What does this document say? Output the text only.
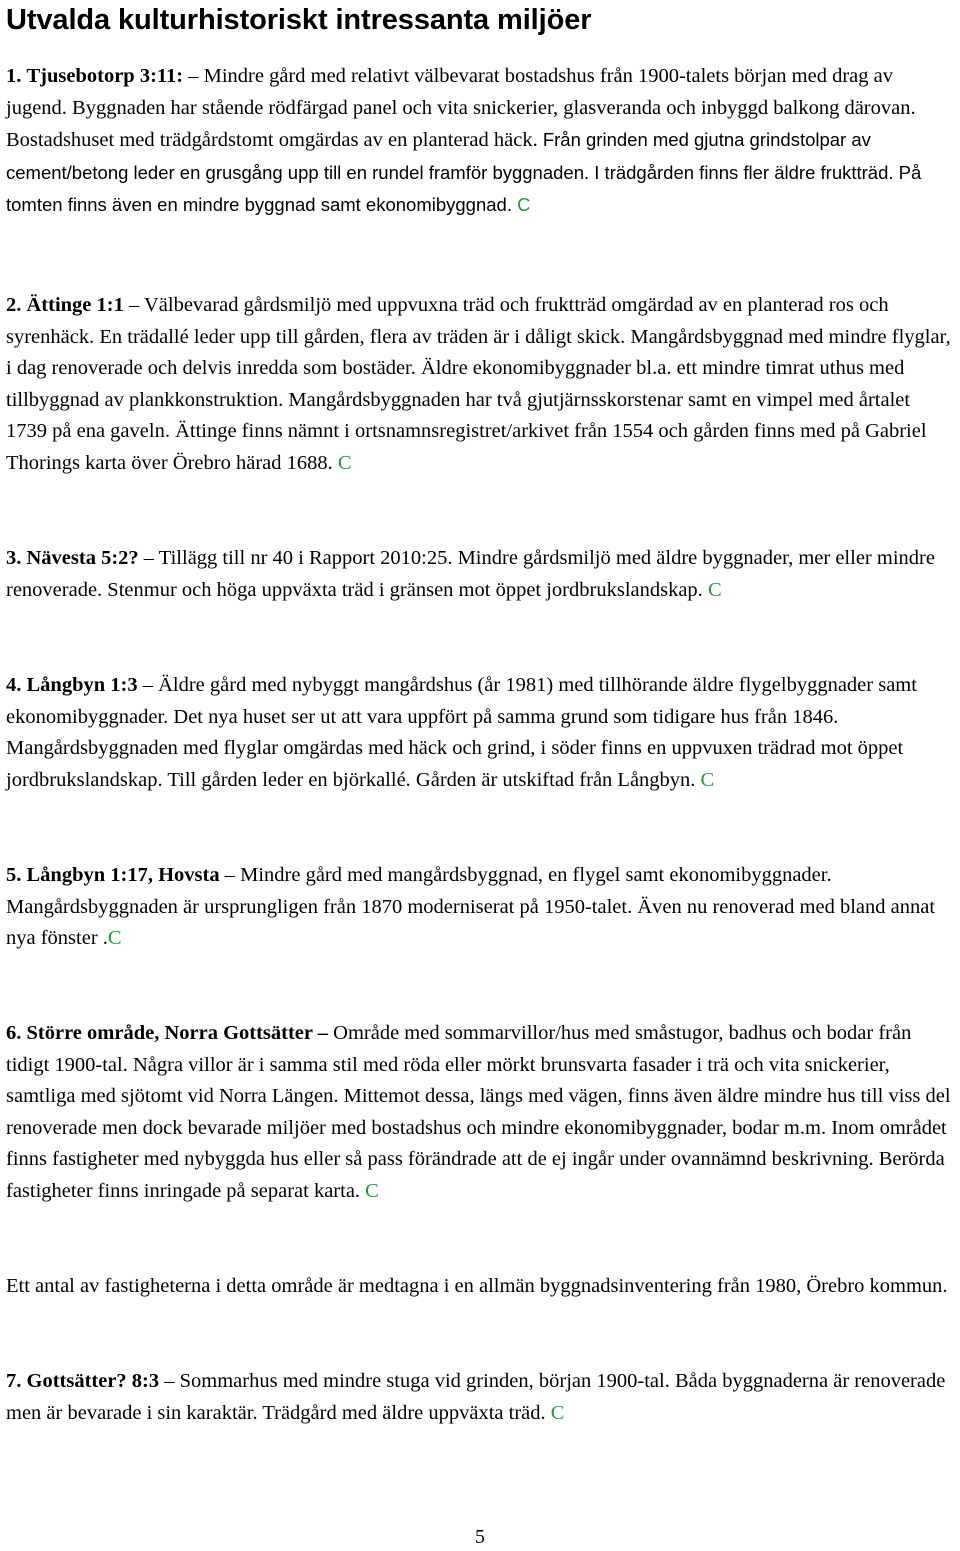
Utvalda kulturhistoriskt intressanta miljöer

1. Tjusebotorp 3:11: – Mindre gård med relativt välbevarat bostadshus från 1900-talets början med drag av jugend. Byggnaden har stående rödfärgad panel och vita snickerier, glasveranda och inbyggd balkong därovan. Bostadshuset med trädgårdstomt omgärdas av en planterad häck. Från grinden med gjutna grindstolpar av cement/betong leder en grusgång upp till en rundel framför byggnaden. I trädgården finns fler äldre fruktträd. På tomten finns även en mindre byggnad samt ekonomibyggnad. C

2. Ättinge 1:1 – Välbevarad gårdsmiljö med uppvuxna träd och fruktträd omgärdad av en planterad ros och syrenhäck. En trädallé leder upp till gården, flera av träden är i dåligt skick. Mangårdsbyggnad med mindre flyglar, i dag renoverade och delvis inredda som bostäder. Äldre ekonomibyggnader bl.a. ett mindre timrat uthus med tillbyggnad av plankkonstruktion. Mangårdsbyggnaden har två gjutjärnsskorstenar samt en vimpel med årtalet 1739 på ena gaveln. Ättinge finns nämnt i ortsnamnsregistret/arkivet från 1554 och gården finns med på Gabriel Thorings karta över Örebro härad 1688. C

3. Nävesta 5:2? – Tillägg till nr 40 i Rapport 2010:25. Mindre gårdsmiljö med äldre byggnader, mer eller mindre renoverade. Stenmur och höga uppväxta träd i gränsen mot öppet jordbrukslandskap. C

4. Långbyn 1:3 – Äldre gård med nybyggt mangårdshus (år 1981) med tillhörande äldre flygelbyggnader samt ekonomibyggnader. Det nya huset ser ut att vara uppfört på samma grund som tidigare hus från 1846. Mangårdsbyggnaden med flyglar omgärdas med häck och grind, i söder finns en uppvuxen trädrad mot öppet jordbrukslandskap. Till gården leder en björkallé. Gården är utskiftad från Långbyn. C

5. Långbyn 1:17, Hovsta – Mindre gård med mangårdsbyggnad, en flygel samt ekonomibyggnader. Mangårdsbyggnaden är ursprungligen från 1870 moderniserat på 1950-talet. Även nu renoverad med bland annat nya fönster .C

6. Större område, Norra Gottsätter – Område med sommarvillor/hus med småstugor, badhus och bodar från tidigt 1900-tal. Några villor är i samma stil med röda eller mörkt brunsvarta fasader i trä och vita snickerier, samtliga med sjötomt vid Norra Längen. Mittemot dessa, längs med vägen, finns även äldre mindre hus till viss del renoverade men dock bevarade miljöer med bostadshus och mindre ekonomibyggnader, bodar m.m. Inom området finns fastigheter med nybyggda hus eller så pass förändrade att de ej ingår under ovannämnd beskrivning. Berörda fastigheter finns inringade på separat karta. C

Ett antal av fastigheterna i detta område är medtagna i en allmän byggnadsinventering från 1980, Örebro kommun.

7. Gottsätter? 8:3 – Sommarhus med mindre stuga vid grinden, början 1900-tal. Båda byggnaderna är renoverade men är bevarade i sin karaktär. Trädgård med äldre uppväxta träd. C

5
